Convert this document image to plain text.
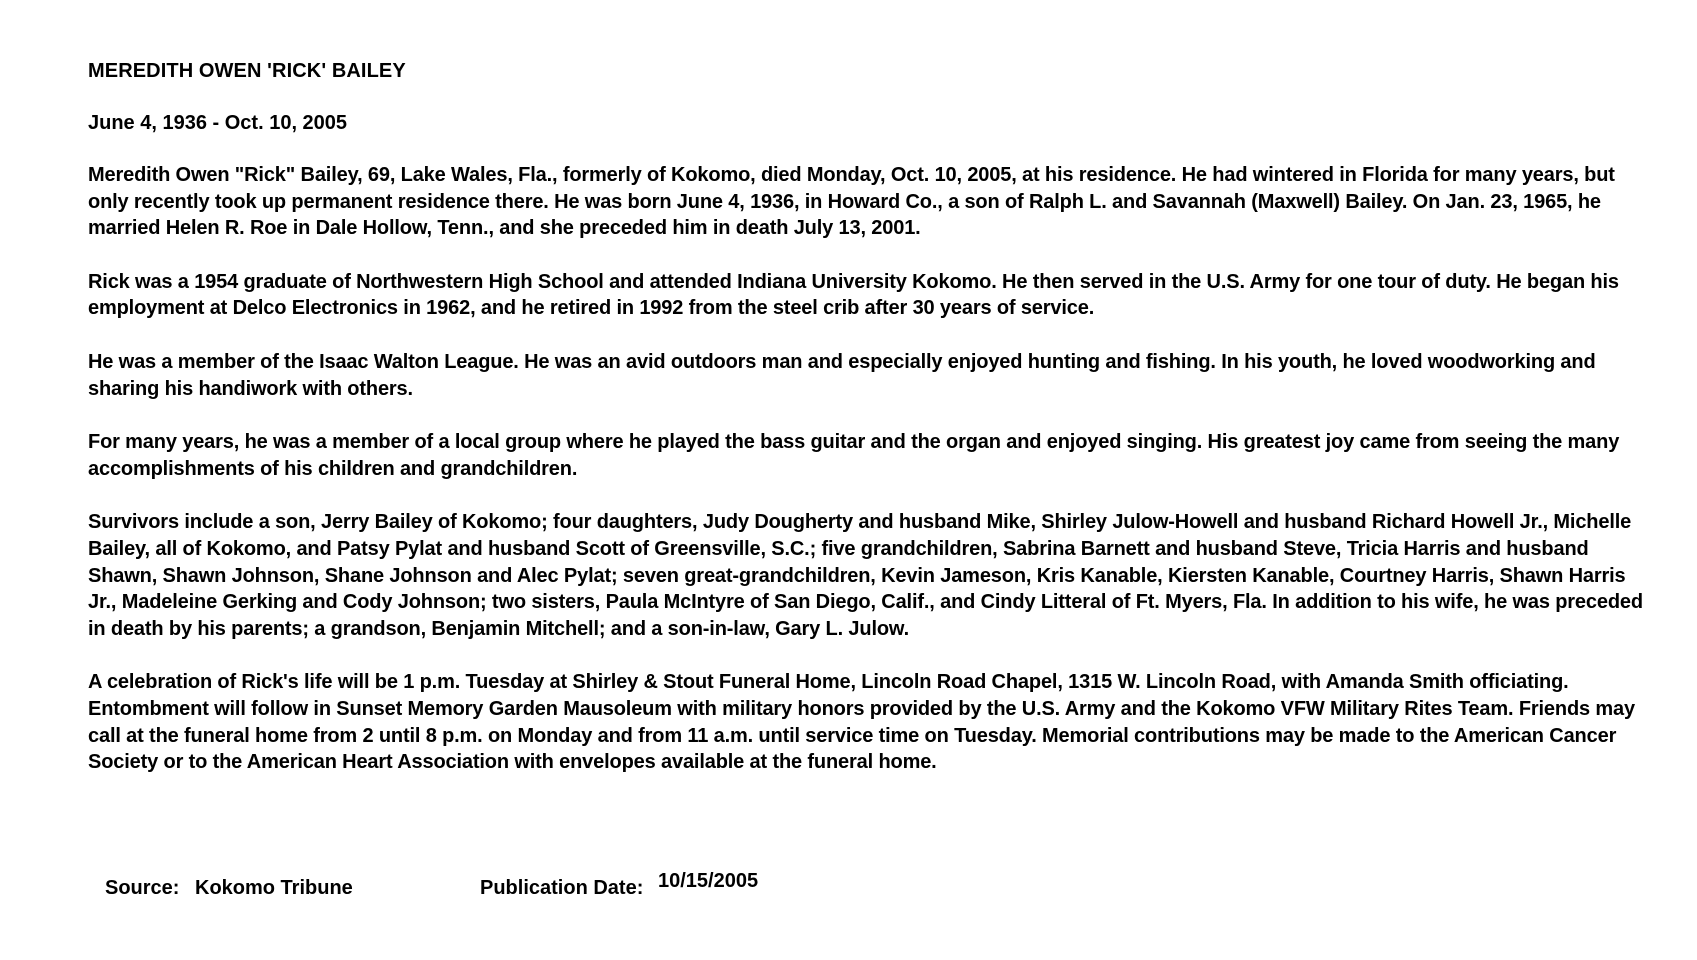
MEREDITH OWEN 'RICK' BAILEY

June 4, 1936 - Oct. 10, 2005

Meredith Owen "Rick" Bailey, 69, Lake Wales, Fla., formerly of Kokomo, died Monday, Oct. 10, 2005, at his residence. He had wintered in Florida for many years, but only recently took up permanent residence there. He was born June 4, 1936, in Howard Co., a son of Ralph L. and Savannah (Maxwell) Bailey. On Jan. 23, 1965, he married Helen R. Roe in Dale Hollow, Tenn., and she preceded him in death July 13, 2001.

Rick was a 1954 graduate of Northwestern High School and attended Indiana University Kokomo. He then served in the U.S. Army for one tour of duty. He began his employment at Delco Electronics in 1962, and he retired in 1992 from the steel crib after 30 years of service.

He was a member of the Isaac Walton League. He was an avid outdoors man and especially enjoyed hunting and fishing. In his youth, he loved woodworking and sharing his handiwork with others.

For many years, he was a member of a local group where he played the bass guitar and the organ and enjoyed singing. His greatest joy came from seeing the many accomplishments of his children and grandchildren.

Survivors include a son, Jerry Bailey of Kokomo; four daughters, Judy Dougherty and husband Mike, Shirley Julow-Howell and husband Richard Howell Jr., Michelle Bailey, all of Kokomo, and Patsy Pylat and husband Scott of Greensville, S.C.; five grandchildren, Sabrina Barnett and husband Steve, Tricia Harris and husband Shawn, Shawn Johnson, Shane Johnson and Alec Pylat; seven great-grandchildren, Kevin Jameson, Kris Kanable, Kiersten Kanable, Courtney Harris, Shawn Harris Jr., Madeleine Gerking and Cody Johnson; two sisters, Paula McIntyre of San Diego, Calif., and Cindy Litteral of Ft. Myers, Fla. In addition to his wife, he was preceded in death by his parents; a grandson, Benjamin Mitchell; and a son-in-law, Gary L. Julow.

A celebration of Rick's life will be 1 p.m. Tuesday at Shirley & Stout Funeral Home, Lincoln Road Chapel, 1315 W. Lincoln Road, with Amanda Smith officiating. Entombment will follow in Sunset Memory Garden Mausoleum with military honors provided by the U.S. Army and the Kokomo VFW Military Rites Team. Friends may call at the funeral home from 2 until 8 p.m. on Monday and from 11 a.m. until service time on Tuesday. Memorial contributions may be made to the American Cancer Society or to the American Heart Association with envelopes available at the funeral home.

Source: Kokomo Tribune	Publication Date: 10/15/2005
